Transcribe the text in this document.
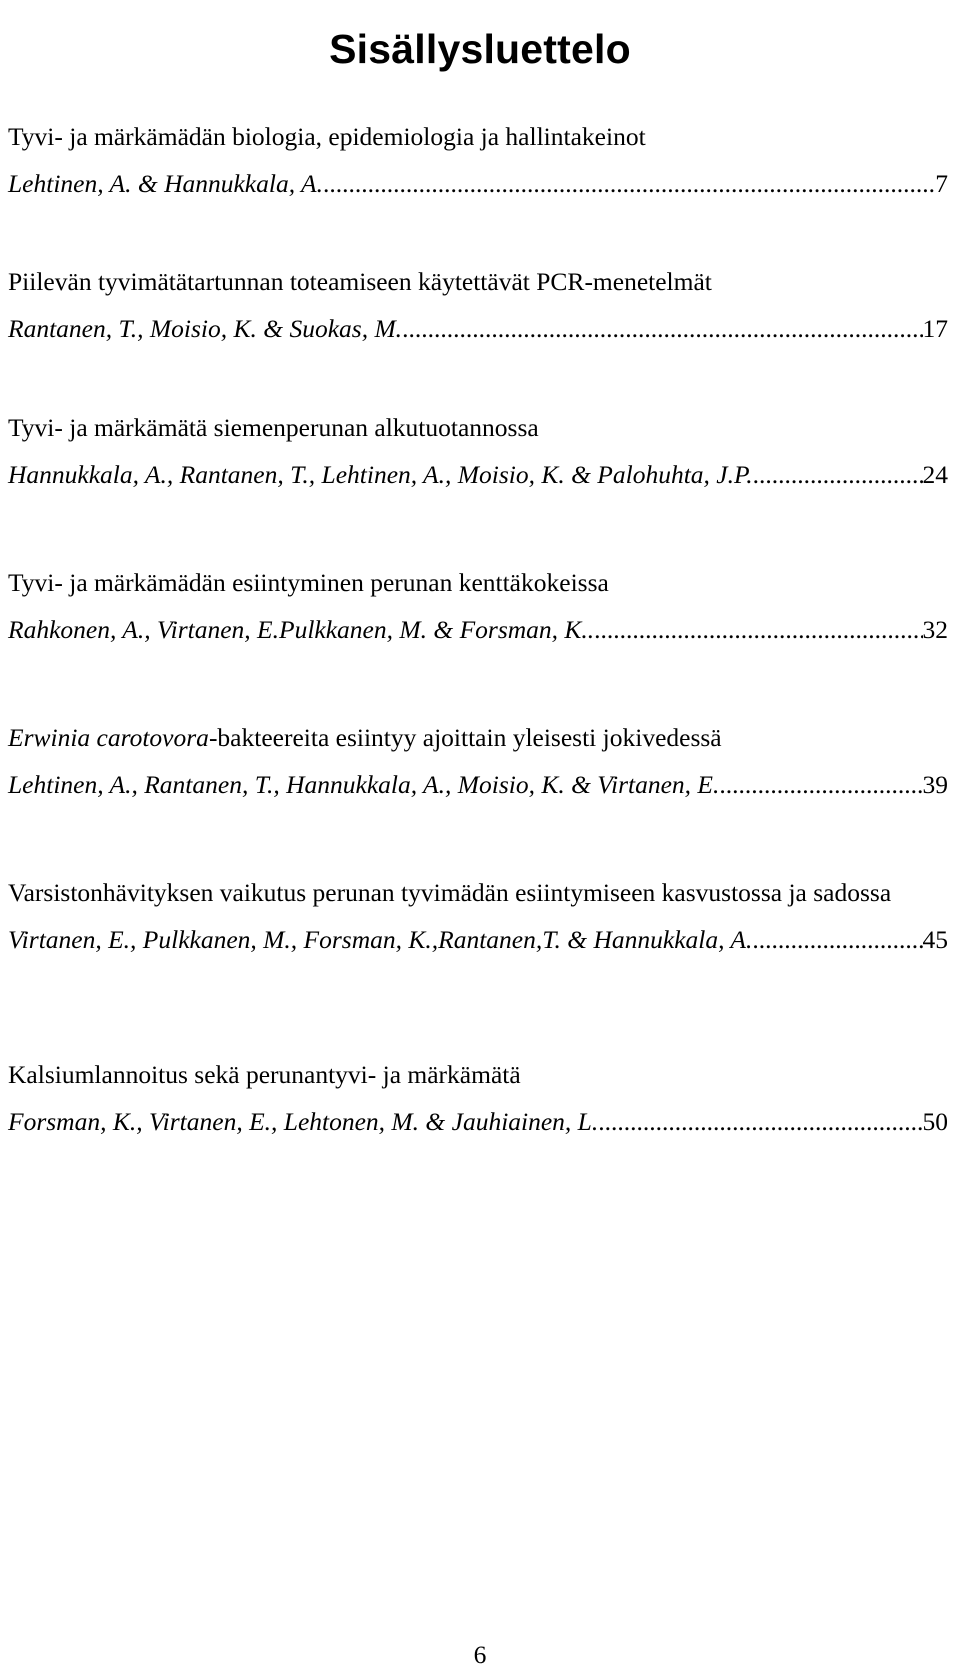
Sisällysluettelo
Tyvi- ja märkämädän biologia, epidemiologia ja hallintakeinot
Lehtinen, A. & Hannukkala, A. .....	7
Piilevän tyvimätätartunnan toteamiseen käytettävät PCR-menetelmät
Rantanen, T., Moisio, K. & Suokas, M. .....	17
Tyvi- ja märkämätä siemenperunan alkutuotannossa
Hannukkala, A., Rantanen, T., Lehtinen, A., Moisio, K. & Palohuhta, J.P. .....	24
Tyvi- ja märkämädän esiintyminen perunan kenttäkokeissa
Rahkonen, A., Virtanen, E.Pulkkanen, M. & Forsman, K.. .....	32
Erwinia carotovora-bakteereita esiintyy ajoittain yleisesti jokivedessä
Lehtinen, A., Rantanen, T., Hannukkala, A., Moisio, K. & Virtanen, E. .....	39
Varsistonhävityksen vaikutus perunan tyvimädän esiintymiseen kasvustossa ja sadossa
Virtanen, E., Pulkkanen, M., Forsman, K.,Rantanen,T. & Hannukkala, A. .....	45
Kalsiumlannoitus sekä perunantyvi- ja märkämätä
Forsman, K., Virtanen, E., Lehtonen, M. & Jauhiainen, L. .....	50
6
